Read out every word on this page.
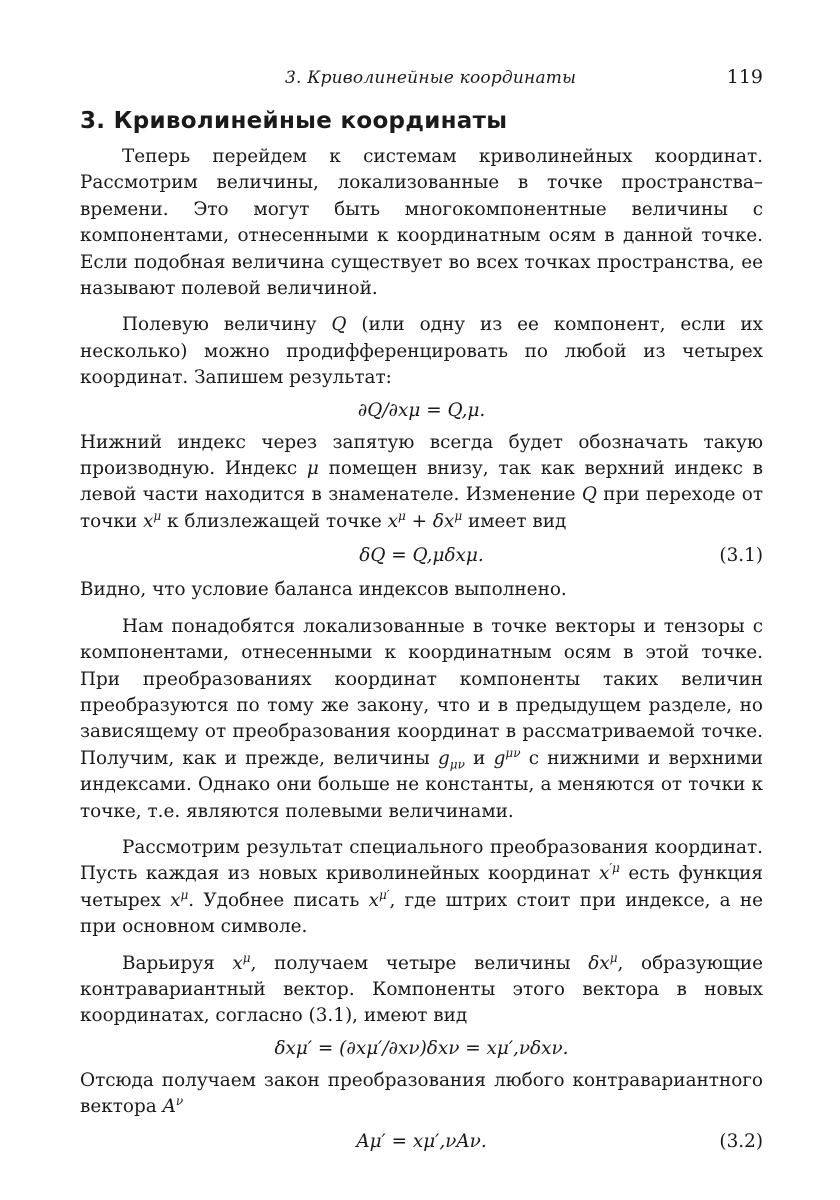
3. Криволинейные координаты	119
3. Криволинейные координаты

Теперь перейдем к системам криволинейных координат. Рассмотрим величины, локализованные в точке пространства–времени. Это могут быть многокомпонентные величины с компонентами, отнесенными к координатным осям в данной точке. Если подобная величина существует во всех точках пространства, ее называют полевой величиной.

Полевую величину Q (или одну из ее компонент, если их несколько) можно продифференцировать по любой из четырех координат. Запишем результат:

∂Q/∂xμ = Q,μ.

Нижний индекс через запятую всегда будет обозначать такую производную. Индекс μ помещен внизу, так как верхний индекс в левой части находится в знаменателе. Изменение Q при переходе от точки $x^\mu$ к близлежащей точке $x^\mu + \delta x^\mu$ имеет вид

δQ = Q,μδxμ.	(3.1)

Видно, что условие баланса индексов выполнено.

Нам понадобятся локализованные в точке векторы и тензоры с компонентами, отнесенными к координатным осям в этой точке. При преобразованиях координат компоненты таких величин преобразуются по тому же закону, что и в предыдущем разделе, но зависящему от преобразования координат в рассматриваемой точке. Получим, как и прежде, величины $g_{\mu\nu}$ и $g^{\mu\nu}$ с нижними и верхними индексами. Однако они больше не константы, а меняются от точки к точке, т.е. являются полевыми величинами.

Рассмотрим результат специального преобразования координат. Пусть каждая из новых криволинейных координат $x^{'\mu}$ есть функция четырех $x^\mu$. Удобнее писать $x^{\mu'}$, где штрих стоит при индексе, а не при основном символе.

Варьируя $x^\mu$, получаем четыре величины $\delta x^\mu$, образующие контравариантный вектор. Компоненты этого вектора в новых координатах, согласно (3.1), имеют вид

δxμ′ = (∂xμ′/∂xν)δxν = xμ′,νδxν.

Отсюда получаем закон преобразования любого контравариантного вектора $A^\nu$

Aμ′ = xμ′,νAν.	(3.2)
